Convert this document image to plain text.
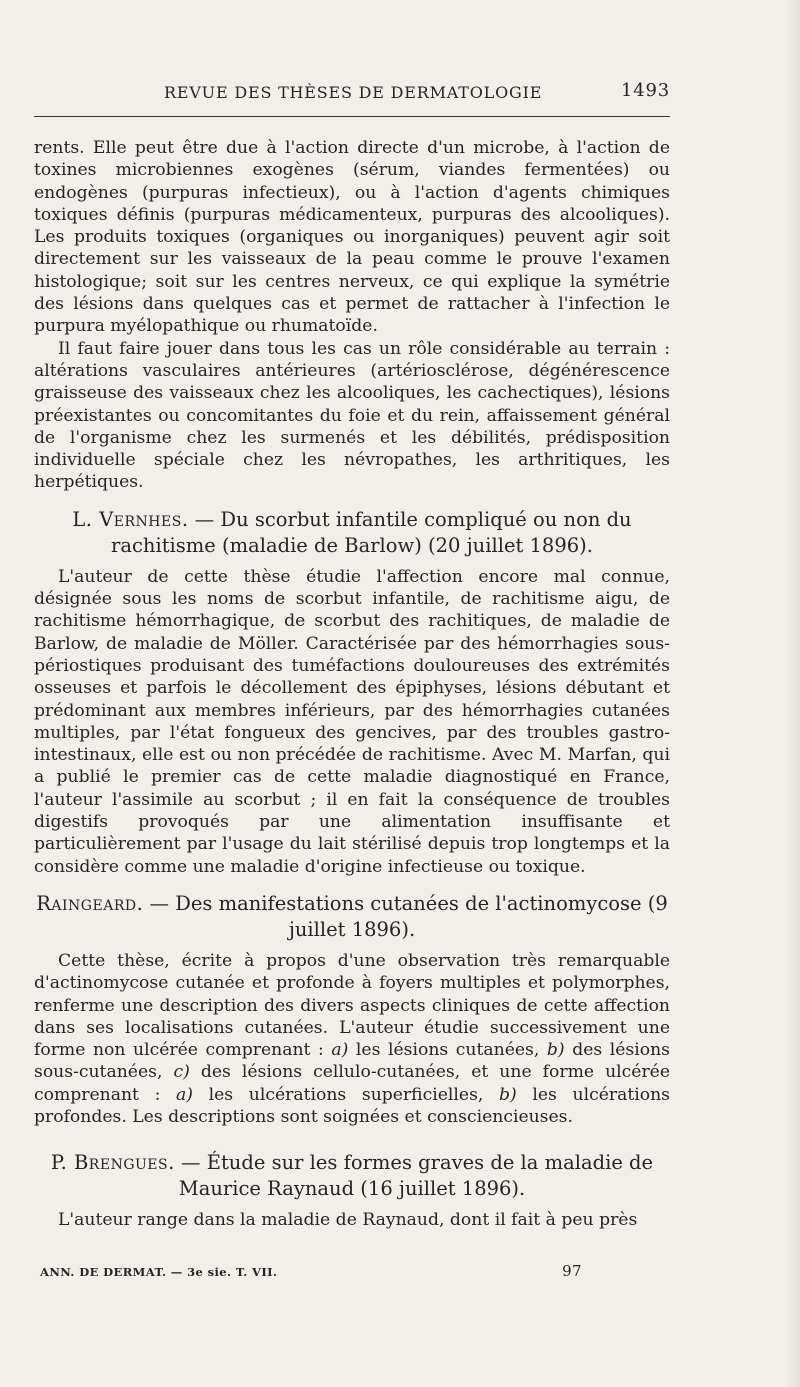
REVUE DES THÈSES DE DERMATOLOGIE	1493

rents. Elle peut être due à l'action directe d'un microbe, à l'action de toxines microbiennes exogènes (sérum, viandes fermentées) ou endogènes (purpuras infectieux), ou à l'action d'agents chimiques toxiques définis (purpuras médicamenteux, purpuras des alcooliques). Les produits toxiques (organiques ou inorganiques) peuvent agir soit directement sur les vaisseaux de la peau comme le prouve l'examen histologique; soit sur les centres nerveux, ce qui explique la symétrie des lésions dans quelques cas et permet de rattacher à l'infection le purpura myélopathique ou rhumatoïde.

Il faut faire jouer dans tous les cas un rôle considérable au terrain : altérations vasculaires antérieures (artériosclérose, dégénérescence graisseuse des vaisseaux chez les alcooliques, les cachectiques), lésions préexistantes ou concomitantes du foie et du rein, affaissement général de l'organisme chez les surmenés et les débilités, prédisposition individuelle spéciale chez les névropathes, les arthritiques, les herpétiques.

L. Vernhes. — Du scorbut infantile compliqué ou non du rachitisme (maladie de Barlow) (20 juillet 1896).

L'auteur de cette thèse étudie l'affection encore mal connue, désignée sous les noms de scorbut infantile, de rachitisme aigu, de rachitisme hémorrhagique, de scorbut des rachitiques, de maladie de Barlow, de maladie de Möller. Caractérisée par des hémorrhagies sous-périostiques produisant des tuméfactions douloureuses des extrémités osseuses et parfois le décollement des épiphyses, lésions débutant et prédominant aux membres inférieurs, par des hémorrhagies cutanées multiples, par l'état fongueux des gencives, par des troubles gastro-intestinaux, elle est ou non précédée de rachitisme. Avec M. Marfan, qui a publié le premier cas de cette maladie diagnostiqué en France, l'auteur l'assimile au scorbut ; il en fait la conséquence de troubles digestifs provoqués par une alimentation insuffisante et particulièrement par l'usage du lait stérilisé depuis trop longtemps et la considère comme une maladie d'origine infectieuse ou toxique.

Raingeard. — Des manifestations cutanées de l'actinomycose (9 juillet 1896).

Cette thèse, écrite à propos d'une observation très remarquable d'actinomycose cutanée et profonde à foyers multiples et polymorphes, renferme une description des divers aspects cliniques de cette affection dans ses localisations cutanées. L'auteur étudie successivement une forme non ulcérée comprenant : a) les lésions cutanées, b) des lésions sous-cutanées, c) des lésions cellulo-cutanées, et une forme ulcérée comprenant : a) les ulcérations superficielles, b) les ulcérations profondes. Les descriptions sont soignées et consciencieuses.

P. Brengues. — Étude sur les formes graves de la maladie de Maurice Raynaud (16 juillet 1896).

L'auteur range dans la maladie de Raynaud, dont il fait à peu près

ANN. DE DERMAT. — 3e sie. T. VII.	97
